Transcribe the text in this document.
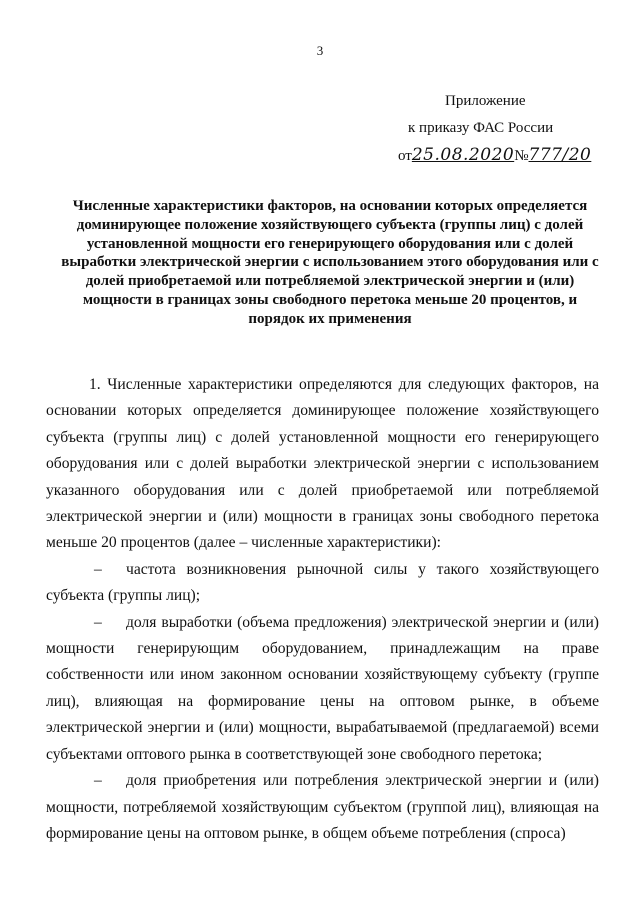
3
Приложение
к приказу ФАС России
от25.08.2020№777/20
Численные характеристики факторов, на основании которых определяется доминирующее положение хозяйствующего субъекта (группы лиц) с долей установленной мощности его генерирующего оборудования или с долей выработки электрической энергии с использованием этого оборудования или с долей приобретаемой или потребляемой электрической энергии и (или) мощности в границах зоны свободного перетока меньше 20 процентов, и порядок их применения

1. Численные характеристики определяются для следующих факторов, на основании которых определяется доминирующее положение хозяйствующего субъекта (группы лиц) с долей установленной мощности его генерирующего оборудования или с долей выработки электрической энергии с использованием указанного оборудования или с долей приобретаемой или потребляемой электрической энергии и (или) мощности в границах зоны свободного перетока меньше 20 процентов (далее – численные характеристики):

– частота возникновения рыночной силы у такого хозяйствующего субъекта (группы лиц);

– доля выработки (объема предложения) электрической энергии и (или) мощности генерирующим оборудованием, принадлежащим на праве собственности или ином законном основании хозяйствующему субъекту (группе лиц), влияющая на формирование цены на оптовом рынке, в объеме электрической энергии и (или) мощности, вырабатываемой (предлагаемой) всеми субъектами оптового рынка в соответствующей зоне свободного перетока;

– доля приобретения или потребления электрической энергии и (или) мощности, потребляемой хозяйствующим субъектом (группой лиц), влияющая на формирование цены на оптовом рынке, в общем объеме потребления (спроса)
